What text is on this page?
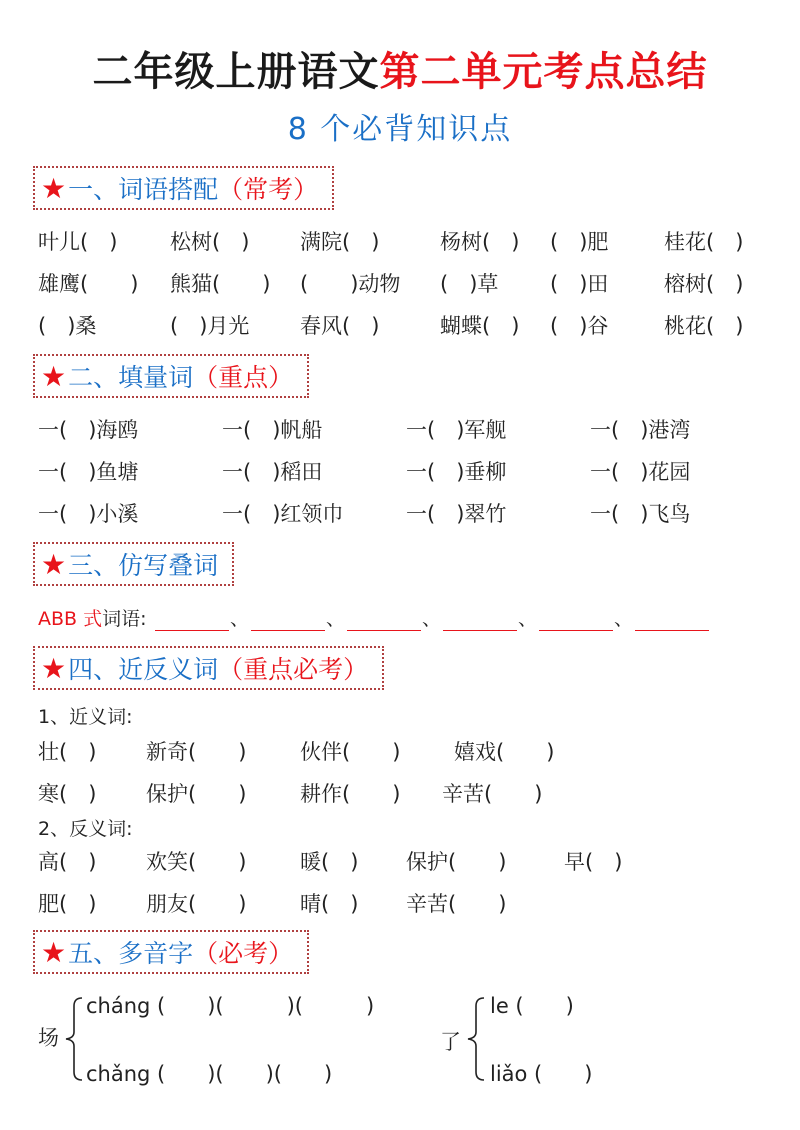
二年级上册语文第二单元考点总结
8 个必背知识点
★ 一、 词语搭配 （常考）
叶儿(　)	松树(　) 满院(　)	杨树(　) (　)肥	桂花(　)
雄鹰(　　) 熊猫(　　) (　　)动物 (　)草 (　)田	榕树(　)
(　)桑	(　)月光 春风(　)	蝴蝶(　) (　)谷	桃花(　)
★ 二、 填量词 （重点）
一(　)海鸥	一(　)帆船	一(　)军舰	一(　)港湾
一(　)鱼塘	一(　)稻田	一(　)垂柳	一(　)花园
一(　)小溪	一(　)红领巾	一(　)翠竹	一(　)飞鸟
★ 三、 仿写叠词
ABB 式 词语:	、	、	、	、	、
★ 四、 近反义词 （重点必考）
1、近义词:
壮(　) 新奇(　　)	伙伴(　　)	嬉戏(　　)
寒(　) 保护(　　)	耕作(　　) 辛苦(　　)
2、反义词:
高(　) 欢笑(　　)	暖(　) 保护(　　)	早(　)
肥(　) 朋友(　　)	晴(　) 辛苦(　　)
★ 五、 多音字 （必考）
场
cháng (　　)(　　　)(　　　)
chǎng (　　)(　　)(　　)
了
le (　　)
liǎo (　　)
